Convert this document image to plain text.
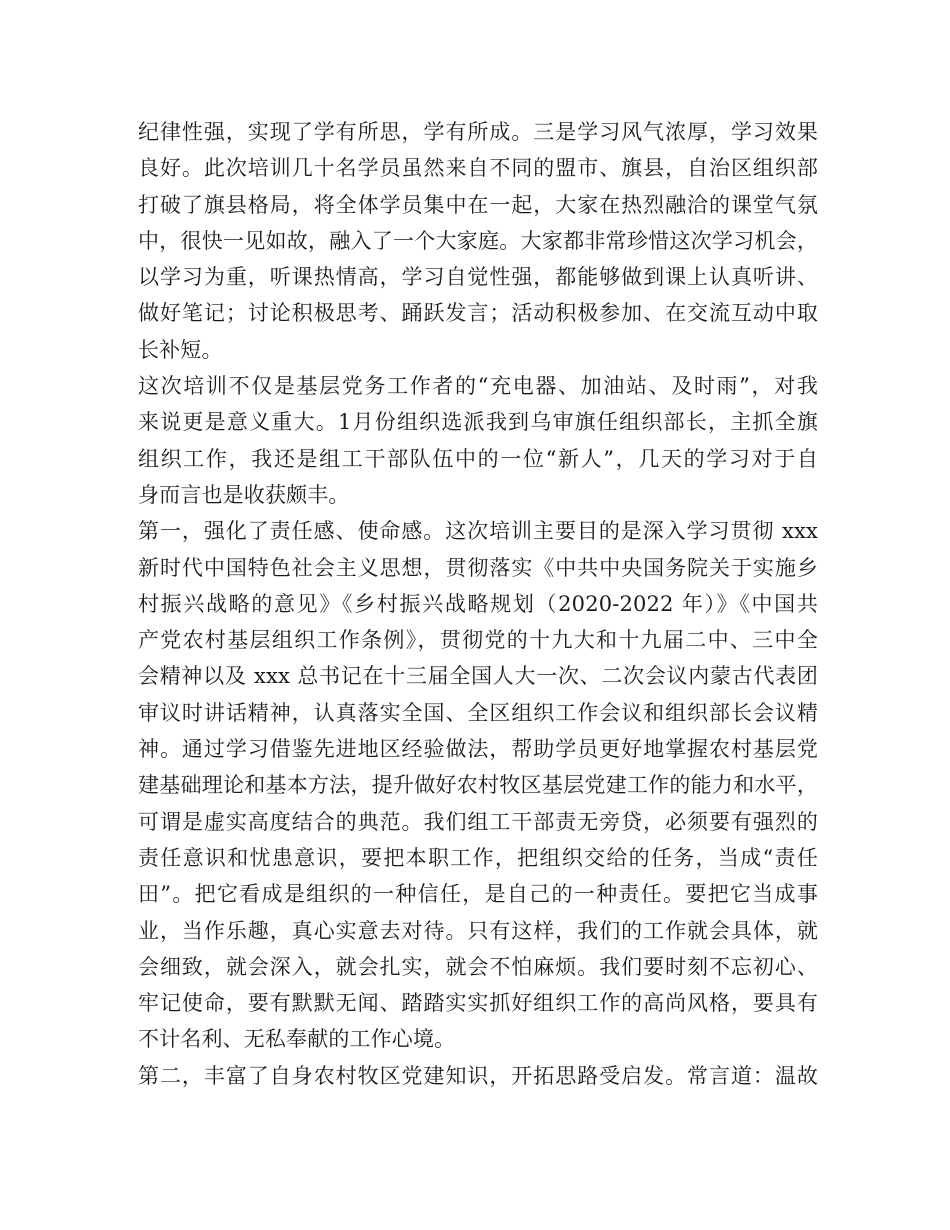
纪律性强，实现了学有所思，学有所成。三是学习风气浓厚，学习效果
良好。此次培训几十名学员虽然来自不同的盟市、旗县，自治区组织部
打破了旗县格局，将全体学员集中在一起，大家在热烈融洽的课堂气氛
中，很快一见如故，融入了一个大家庭。大家都非常珍惜这次学习机会，
以学习为重，听课热情高，学习自觉性强，都能够做到课上认真听讲、
做好笔记；讨论积极思考、踊跃发言；活动积极参加、在交流互动中取
长补短。
这次培训不仅是基层党务工作者的“充电器、加油站、及时雨”，对我
来说更是意义重大。1月份组织选派我到乌审旗任组织部长，主抓全旗
组织工作，我还是组工干部队伍中的一位“新人”，几天的学习对于自
身而言也是收获颇丰。
第一，强化了责任感、使命感。这次培训主要目的是深入学习贯彻 xxx
新时代中国特色社会主义思想，贯彻落实《中共中央国务院关于实施乡
村振兴战略的意见》《乡村振兴战略规划（2020-2022 年）》《中国共
产党农村基层组织工作条例》，贯彻党的十九大和十九届二中、三中全
会精神以及 xxx 总书记在十三届全国人大一次、二次会议内蒙古代表团
审议时讲话精神，认真落实全国、全区组织工作会议和组织部长会议精
神。通过学习借鉴先进地区经验做法，帮助学员更好地掌握农村基层党
建基础理论和基本方法，提升做好农村牧区基层党建工作的能力和水平，
可谓是虚实高度结合的典范。我们组工干部责无旁贷，必须要有强烈的
责任意识和忧患意识，要把本职工作，把组织交给的任务，当成“责任
田”。把它看成是组织的一种信任，是自己的一种责任。要把它当成事
业，当作乐趣，真心实意去对待。只有这样，我们的工作就会具体，就
会细致，就会深入，就会扎实，就会不怕麻烦。我们要时刻不忘初心、
牢记使命，要有默默无闻、踏踏实实抓好组织工作的高尚风格，要具有
不计名利、无私奉献的工作心境。
第二，丰富了自身农村牧区党建知识，开拓思路受启发。常言道：温故
